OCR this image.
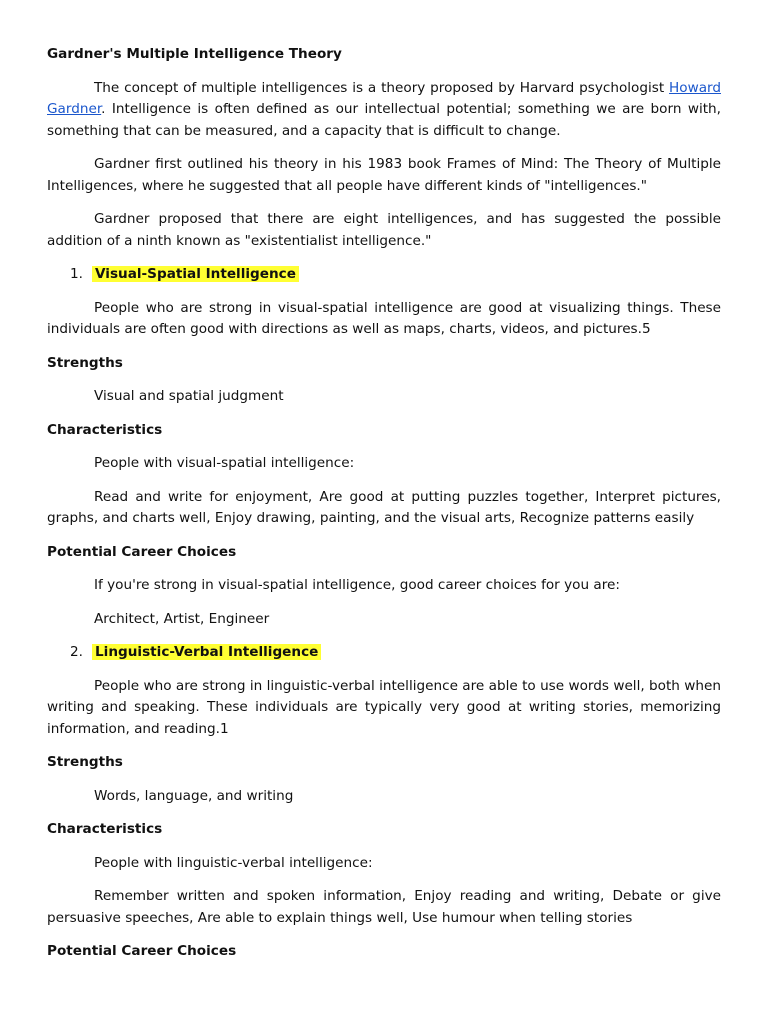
Gardner's Multiple Intelligence Theory

The concept of multiple intelligences is a theory proposed by Harvard psychologist Howard Gardner. Intelligence is often defined as our intellectual potential; something we are born with, something that can be measured, and a capacity that is difficult to change.

Gardner first outlined his theory in his 1983 book Frames of Mind: The Theory of Multiple Intelligences, where he suggested that all people have different kinds of "intelligences."

Gardner proposed that there are eight intelligences, and has suggested the possible addition of a ninth known as "existentialist intelligence."

1. Visual-Spatial Intelligence

People who are strong in visual-spatial intelligence are good at visualizing things. These individuals are often good with directions as well as maps, charts, videos, and pictures.5

Strengths

Visual and spatial judgment

Characteristics

People with visual-spatial intelligence:

Read and write for enjoyment, Are good at putting puzzles together, Interpret pictures, graphs, and charts well, Enjoy drawing, painting, and the visual arts, Recognize patterns easily

Potential Career Choices

If you're strong in visual-spatial intelligence, good career choices for you are:

Architect, Artist, Engineer

2. Linguistic-Verbal Intelligence

People who are strong in linguistic-verbal intelligence are able to use words well, both when writing and speaking. These individuals are typically very good at writing stories, memorizing information, and reading.1

Strengths

Words, language, and writing

Characteristics

People with linguistic-verbal intelligence:

Remember written and spoken information, Enjoy reading and writing, Debate or give persuasive speeches, Are able to explain things well, Use humour when telling stories

Potential Career Choices
